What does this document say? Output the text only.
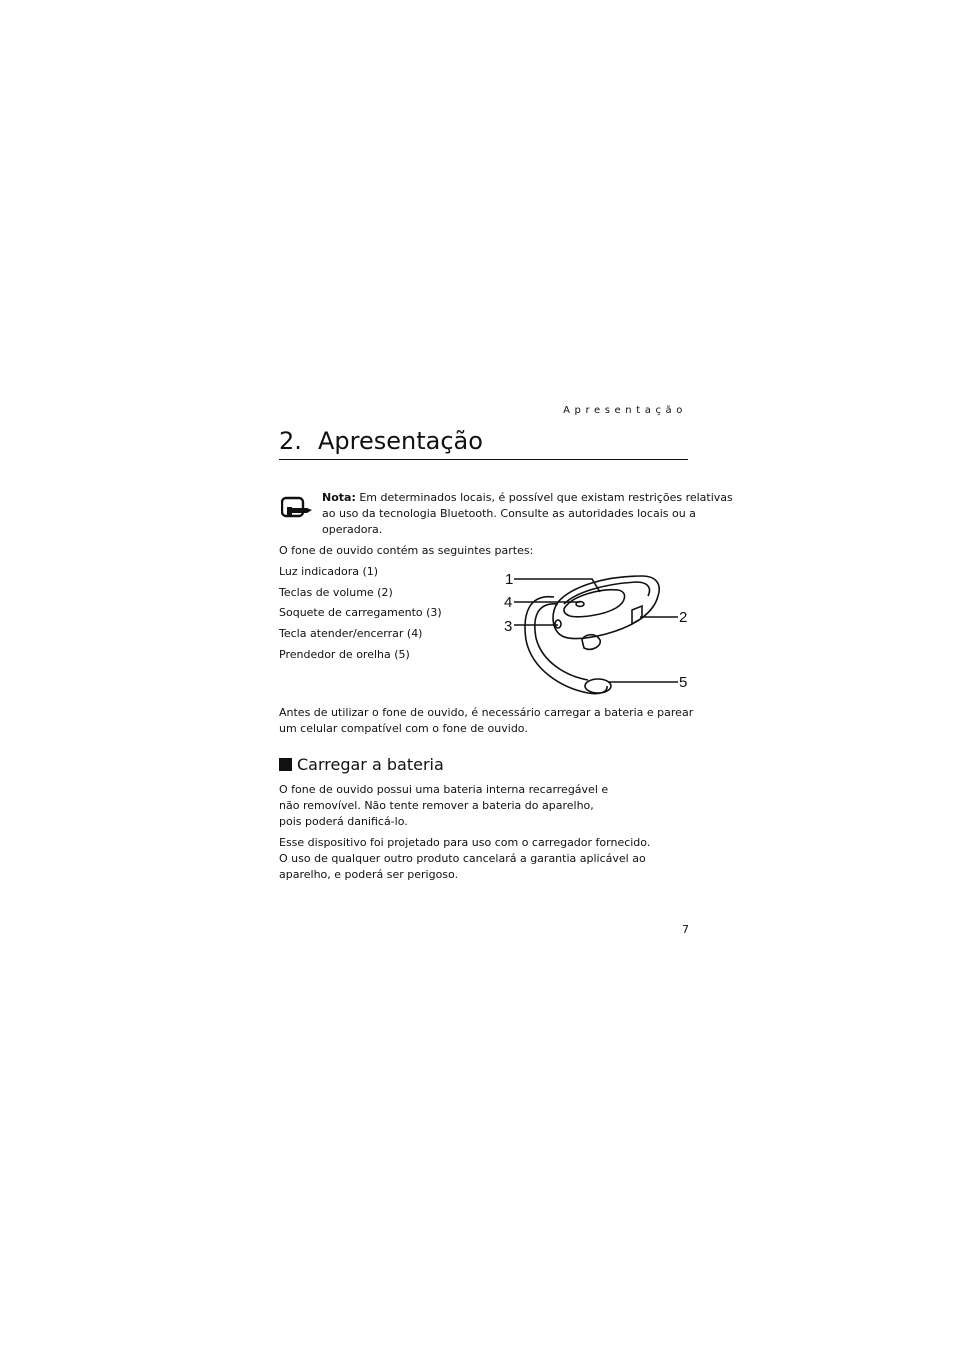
Apresentação
2. Apresentação
Nota: Em determinados locais, é possível que existam restrições relativas
ao uso da tecnologia Bluetooth. Consulte as autoridades locais ou a
operadora.
O fone de ouvido contém as seguintes partes:
Luz indicadora (1)
Teclas de volume (2)
Soquete de carregamento (3)
Tecla atender/encerrar (4)
Prendedor de orelha (5)
1
4
3
2
5
Antes de utilizar o fone de ouvido, é necessário carregar a bateria e parear
um celular compatível com o fone de ouvido.
Carregar a bateria
O fone de ouvido possui uma bateria interna recarregável e
não removível. Não tente remover a bateria do aparelho,
pois poderá danificá-lo.
Esse dispositivo foi projetado para uso com o carregador fornecido.
O uso de qualquer outro produto cancelará a garantia aplicável ao
aparelho, e poderá ser perigoso.
7
